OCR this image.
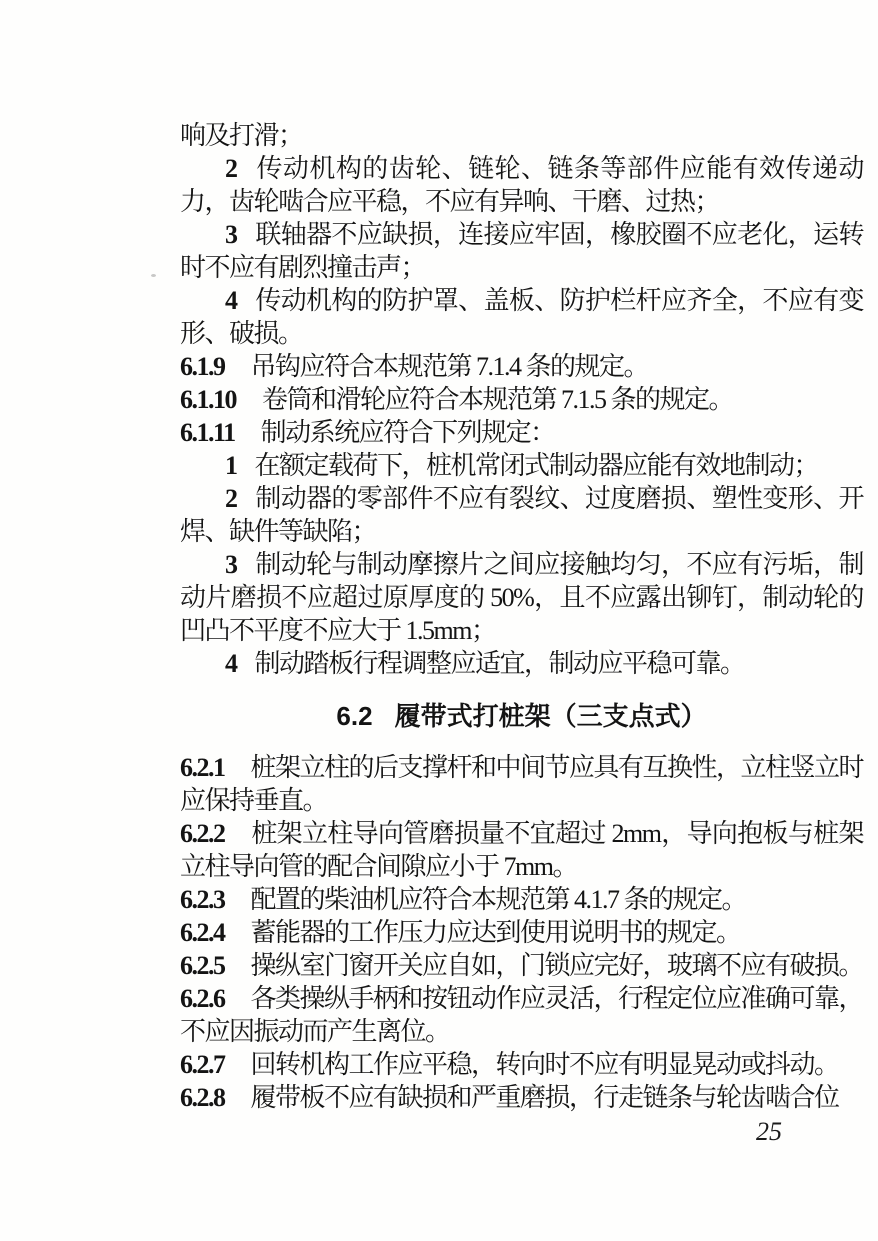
响及打滑；

2 传动机构的齿轮、链轮、链条等部件应能有效传递动力，齿轮啮合应平稳，不应有异响、干磨、过热；

3 联轴器不应缺损，连接应牢固，橡胶圈不应老化，运转时不应有剧烈撞击声；

4 传动机构的防护罩、盖板、防护栏杆应齐全，不应有变形、破损。

6.1.9 吊钩应符合本规范第 7.1.4 条的规定。

6.1.10 卷筒和滑轮应符合本规范第 7.1.5 条的规定。

6.1.11 制动系统应符合下列规定：

1 在额定载荷下，桩机常闭式制动器应能有效地制动；

2 制动器的零部件不应有裂纹、过度磨损、塑性变形、开焊、缺件等缺陷；

3 制动轮与制动摩擦片之间应接触均匀，不应有污垢，制动片磨损不应超过原厚度的 50%，且不应露出铆钉，制动轮的凹凸不平度不应大于 1.5mm；

4 制动踏板行程调整应适宜，制动应平稳可靠。

6.2 履带式打桩架（三支点式）

6.2.1 桩架立柱的后支撑杆和中间节应具有互换性，立柱竖立时应保持垂直。

6.2.2 桩架立柱导向管磨损量不宜超过 2mm，导向抱板与桩架立柱导向管的配合间隙应小于 7mm。

6.2.3 配置的柴油机应符合本规范第 4.1.7 条的规定。

6.2.4 蓄能器的工作压力应达到使用说明书的规定。

6.2.5 操纵室门窗开关应自如，门锁应完好，玻璃不应有破损。

6.2.6 各类操纵手柄和按钮动作应灵活，行程定位应准确可靠，不应因振动而产生离位。

6.2.7 回转机构工作应平稳，转向时不应有明显晃动或抖动。

6.2.8 履带板不应有缺损和严重磨损，行走链条与轮齿啮合位

25
